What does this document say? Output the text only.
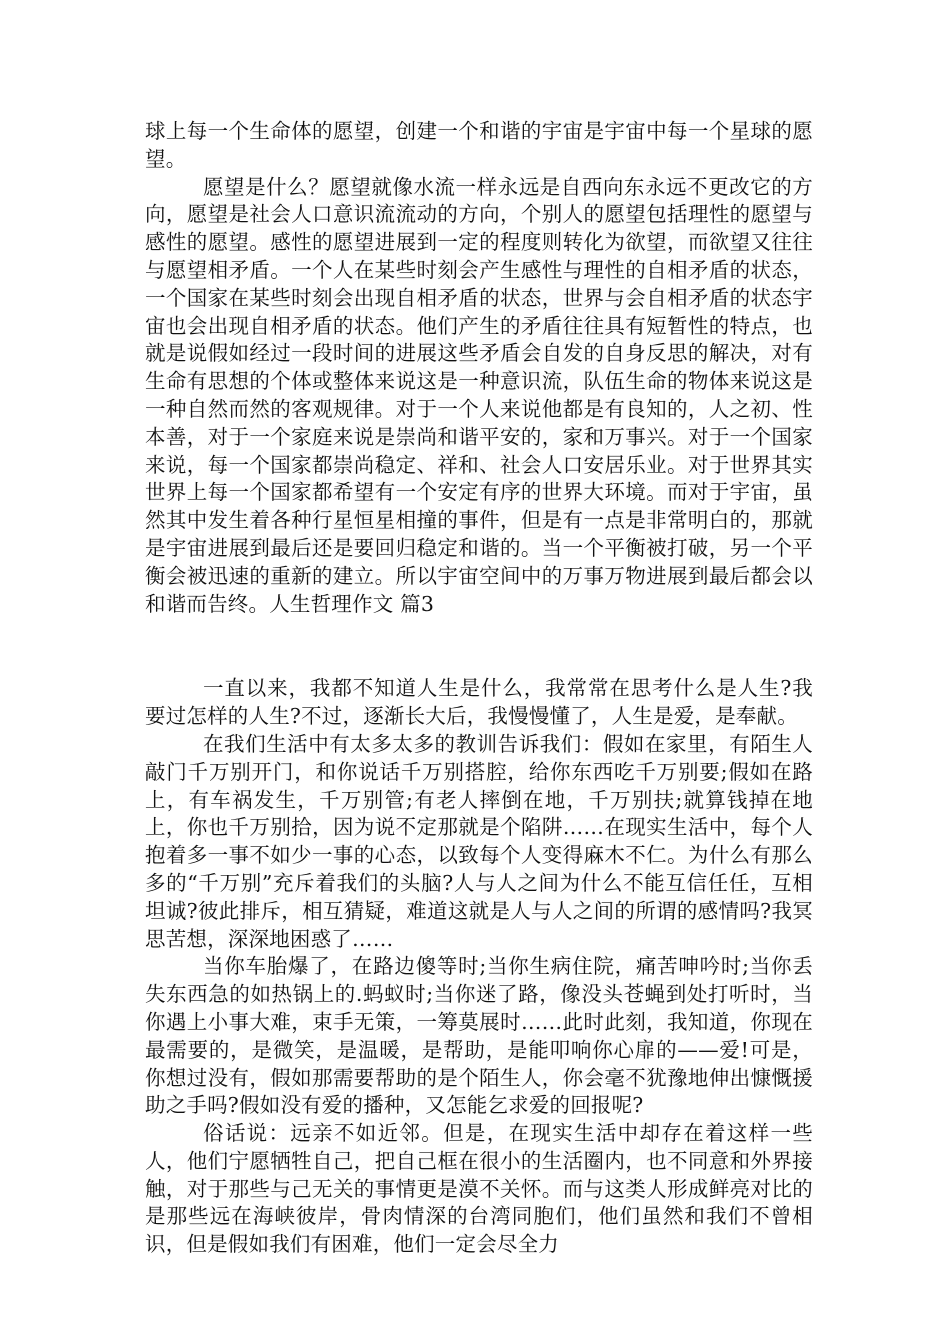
球上每一个生命体的愿望，创建一个和谐的宇宙是宇宙中每一个星球的愿望。

愿望是什么？愿望就像水流一样永远是自西向东永远不更改它的方向，愿望是社会人口意识流流动的方向，个别人的愿望包括理性的愿望与感性的愿望。感性的愿望进展到一定的程度则转化为欲望，而欲望又往往与愿望相矛盾。一个人在某些时刻会产生感性与理性的自相矛盾的状态，一个国家在某些时刻会出现自相矛盾的状态，世界与会自相矛盾的状态宇宙也会出现自相矛盾的状态。他们产生的矛盾往往具有短暂性的特点，也就是说假如经过一段时间的进展这些矛盾会自发的自身反思的解决，对有生命有思想的个体或整体来说这是一种意识流，队伍生命的物体来说这是一种自然而然的客观规律。对于一个人来说他都是有良知的，人之初、性本善，对于一个家庭来说是崇尚和谐平安的，家和万事兴。对于一个国家来说，每一个国家都崇尚稳定、祥和、社会人口安居乐业。对于世界其实世界上每一个国家都希望有一个安定有序的世界大环境。而对于宇宙，虽然其中发生着各种行星恒星相撞的事件，但是有一点是非常明白的，那就是宇宙进展到最后还是要回归稳定和谐的。当一个平衡被打破，另一个平衡会被迅速的重新的建立。所以宇宙空间中的万事万物进展到最后都会以和谐而告终。人生哲理作文 篇3

一直以来，我都不知道人生是什么，我常常在思考什么是人生?我要过怎样的人生?不过，逐渐长大后，我慢慢懂了，人生是爱，是奉献。

在我们生活中有太多太多的教训告诉我们：假如在家里，有陌生人敲门千万别开门，和你说话千万别搭腔，给你东西吃千万别要;假如在路上，有车祸发生，千万别管;有老人摔倒在地，千万别扶;就算钱掉在地上，你也千万别拾，因为说不定那就是个陷阱……在现实生活中，每个人抱着多一事不如少一事的心态，以致每个人变得麻木不仁。为什么有那么多的“千万别”充斥着我们的头脑?人与人之间为什么不能互信任任，互相坦诚?彼此排斥，相互猜疑，难道这就是人与人之间的所谓的感情吗?我冥思苦想，深深地困惑了……

当你车胎爆了，在路边傻等时;当你生病住院，痛苦呻吟时;当你丢失东西急的如热锅上的.蚂蚁时;当你迷了路，像没头苍蝇到处打听时，当你遇上小事大难，束手无策，一筹莫展时……此时此刻，我知道，你现在最需要的，是微笑，是温暖，是帮助，是能叩响你心扉的——爱!可是，你想过没有，假如那需要帮助的是个陌生人，你会毫不犹豫地伸出慷慨援助之手吗?假如没有爱的播种，又怎能乞求爱的回报呢?

俗话说：远亲不如近邻。但是，在现实生活中却存在着这样一些人，他们宁愿牺牲自己，把自己框在很小的生活圈内，也不同意和外界接触，对于那些与己无关的事情更是漠不关怀。而与这类人形成鲜亮对比的是那些远在海峡彼岸，骨肉情深的台湾同胞们，他们虽然和我们不曾相识，但是假如我们有困难，他们一定会尽全力
